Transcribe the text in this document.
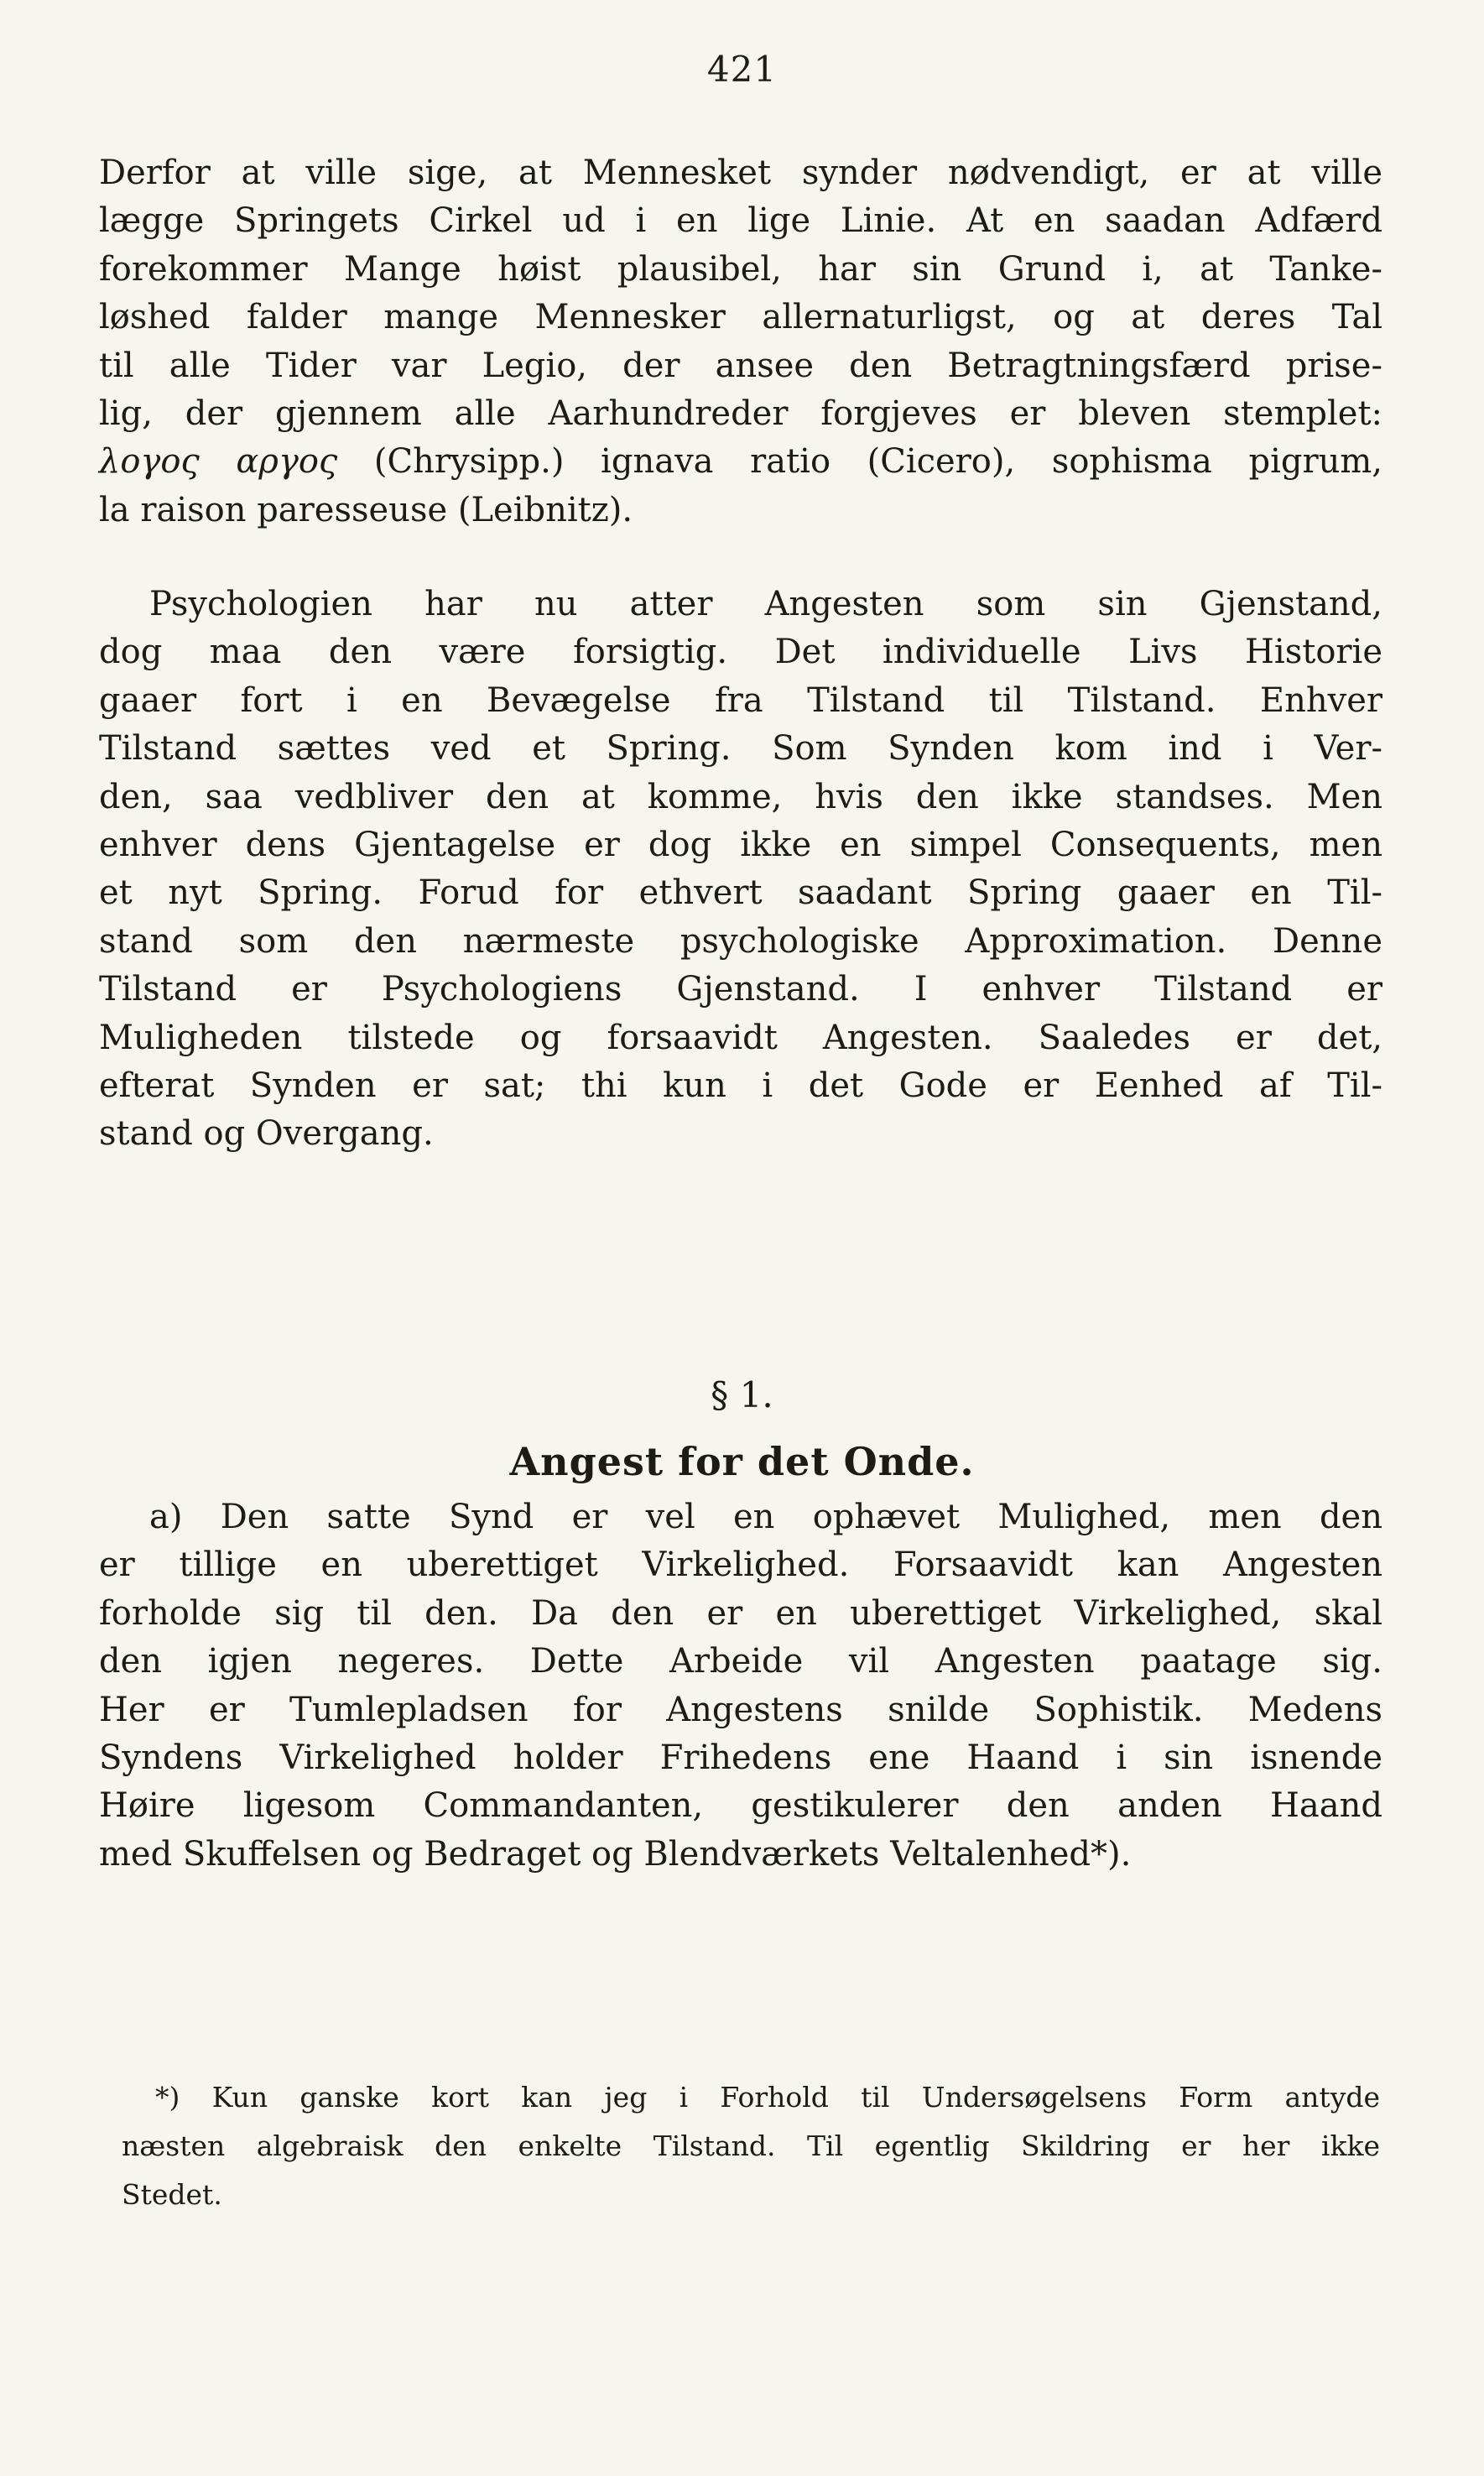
421

Derfor at ville sige, at Mennesket synder nødvendigt, er at ville
lægge Springets Cirkel ud i en lige Linie. At en saadan Adfærd
forekommer Mange høist plausibel, har sin Grund i, at Tanke-
løshed falder mange Mennesker allernaturligst, og at deres Tal
til alle Tider var Legio, der ansee den Betragtningsfærd prise-
lig, der gjennem alle Aarhundreder forgjeves er bleven stemplet:
λογος αργος (Chrysipp.) ignava ratio (Cicero), sophisma pigrum,
la raison paresseuse (Leibnitz).

Psychologien har nu atter Angesten som sin Gjenstand,
dog maa den være forsigtig. Det individuelle Livs Historie
gaaer fort i en Bevægelse fra Tilstand til Tilstand. Enhver
Tilstand sættes ved et Spring. Som Synden kom ind i Ver-
den, saa vedbliver den at komme, hvis den ikke standses. Men
enhver dens Gjentagelse er dog ikke en simpel Consequents, men
et nyt Spring. Forud for ethvert saadant Spring gaaer en Til-
stand som den nærmeste psychologiske Approximation. Denne
Tilstand er Psychologiens Gjenstand. I enhver Tilstand er
Muligheden tilstede og forsaavidt Angesten. Saaledes er det,
efterat Synden er sat; thi kun i det Gode er Eenhed af Til-
stand og Overgang.

§ 1.
Angest for det Onde.

a) Den satte Synd er vel en ophævet Mulighed, men den
er tillige en uberettiget Virkelighed. Forsaavidt kan Angesten
forholde sig til den. Da den er en uberettiget Virkelighed, skal
den igjen negeres. Dette Arbeide vil Angesten paatage sig.
Her er Tumlepladsen for Angestens snilde Sophistik. Medens
Syndens Virkelighed holder Frihedens ene Haand i sin isnende
Høire ligesom Commandanten, gestikulerer den anden Haand
med Skuffelsen og Bedraget og Blendværkets Veltalenhed*).

*) Kun ganske kort kan jeg i Forhold til Undersøgelsens Form antyde
næsten algebraisk den enkelte Tilstand. Til egentlig Skildring er her ikke
Stedet.
